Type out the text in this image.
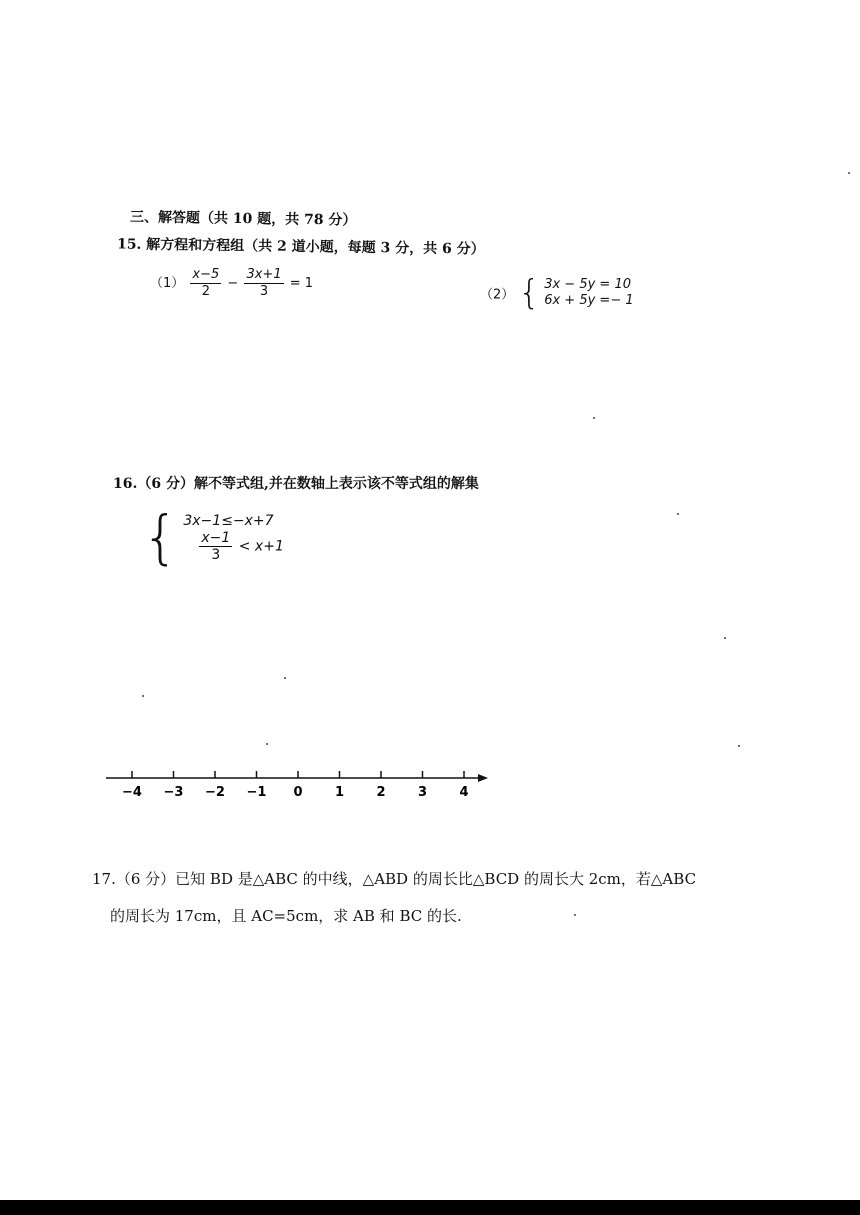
三、解答题（共 10 题，共 78 分）
15. 解方程和方程组（共 2 道小题，每题 3 分，共 6 分）
$(1) \frac{x-5}{2} - \frac{3x+1}{3} = 1$
（2） { 3x − 5y = 10
6x + 5y =− 1
16.（6 分）解不等式组,并在数轴上表示该不等式组的解集
{ 3x−1≤−x+7
$\frac{x-1}{3} < x+1$
−4 −3 −2 −1 0 1 2 3 4
17.（6 分）已知 BD 是△ABC 的中线，△ABD 的周长比△BCD 的周长大 2cm，若△ABC
的周长为 17cm，且 AC=5cm，求 AB 和 BC 的长.
